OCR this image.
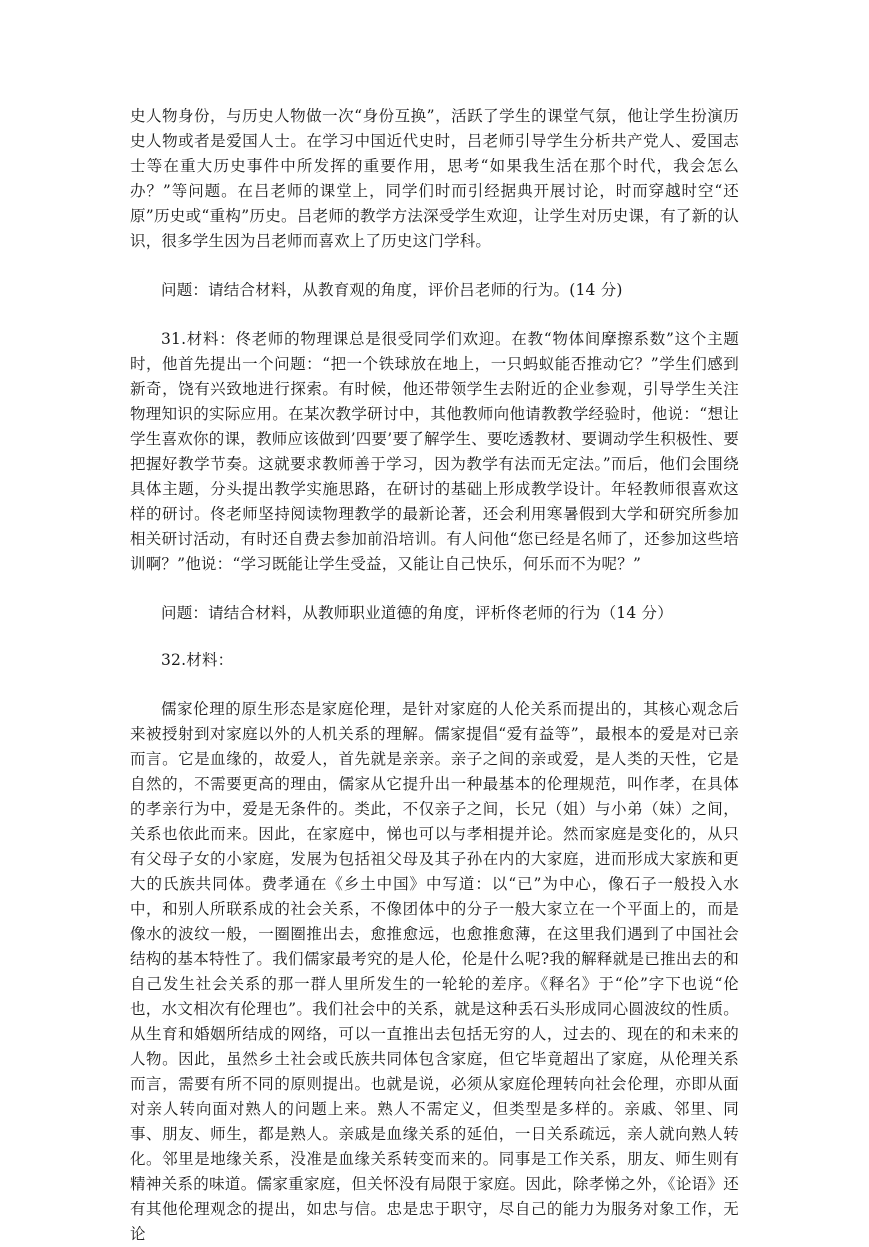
史人物身份，与历史人物做一次“身份互换”，活跃了学生的课堂气氛，他让学生扮演历史人物或者是爱国人士。在学习中国近代史时，吕老师引导学生分析共产党人、爱国志士等在重大历史事件中所发挥的重要作用，思考“如果我生活在那个时代，我会怎么办？”等问题。在吕老师的课堂上，同学们时而引经据典开展讨论，时而穿越时空“还原”历史或“重构”历史。吕老师的教学方法深受学生欢迎，让学生对历史课，有了新的认识，很多学生因为吕老师而喜欢上了历史这门学科。

问题：请结合材料，从教育观的角度，评价吕老师的行为。(14 分)

31.材料：佟老师的物理课总是很受同学们欢迎。在教“物体间摩擦系数”这个主题时，他首先提出一个问题：“把一个铁球放在地上，一只蚂蚁能否推动它？”学生们感到新奇，饶有兴致地进行探索。有时候，他还带领学生去附近的企业参观，引导学生关注物理知识的实际应用。在某次教学研讨中，其他教师向他请教教学经验时，他说：“想让学生喜欢你的课，教师应该做到’四要’要了解学生、要吃透教材、要调动学生积极性、要把握好教学节奏。这就要求教师善于学习，因为教学有法而无定法。”而后，他们会围绕具体主题，分头提出教学实施思路，在研讨的基础上形成教学设计。年轻教师很喜欢这样的研讨。佟老师坚持阅读物理教学的最新论著，还会利用寒暑假到大学和研究所参加相关研讨活动，有时还自费去参加前沿培训。有人问他“您已经是名师了，还参加这些培训啊？”他说：“学习既能让学生受益，又能让自己快乐，何乐而不为呢？”

问题：请结合材料，从教师职业道德的角度，评析佟老师的行为（14 分）

32.材料：

儒家伦理的原生形态是家庭伦理，是针对家庭的人伦关系而提出的，其核心观念后来被授射到对家庭以外的人机关系的理解。儒家提倡“爱有益等”，最根本的爱是对已亲而言。它是血缘的，故爱人，首先就是亲亲。亲子之间的亲或爱，是人类的天性，它是自然的，不需要更高的理由，儒家从它提升出一种最基本的伦理规范，叫作孝，在具体的孝亲行为中，爱是无条件的。类此，不仅亲子之间，长兄（姐）与小弟（妹）之间，关系也依此而来。因此，在家庭中，悌也可以与孝相提并论。然而家庭是变化的，从只有父母子女的小家庭，发展为包括祖父母及其子孙在内的大家庭，进而形成大家族和更大的氏族共同体。费孝通在《乡土中国》中写道：以“已”为中心，像石子一般投入水中，和别人所联系成的社会关系，不像团体中的分子一般大家立在一个平面上的，而是像水的波纹一般，一圈圈推出去，愈推愈远，也愈推愈薄，在这里我们遇到了中国社会结构的基本特性了。我们儒家最考究的是人伦，伦是什么呢?我的解释就是已推出去的和自己发生社会关系的那一群人里所发生的一轮轮的差序。《释名》于“伦”字下也说“伦也，水文相次有伦理也”。我们社会中的关系，就是这种丢石头形成同心圆波纹的性质。从生育和婚姻所结成的网络，可以一直推出去包括无穷的人，过去的、现在的和未来的人物。因此，虽然乡土社会或氏族共同体包含家庭，但它毕竟超出了家庭，从伦理关系而言，需要有所不同的原则提出。也就是说，必须从家庭伦理转向社会伦理，亦即从面对亲人转向面对熟人的问题上来。熟人不需定义，但类型是多样的。亲戚、邻里、同事、朋友、师生，都是熟人。亲戚是血缘关系的延伯，一日关系疏远，亲人就向熟人转化。邻里是地缘关系，没准是血缘关系转变而来的。同事是工作关系，朋友、师生则有精神关系的味道。儒家重家庭，但关怀没有局限于家庭。因此，除孝悌之外，《论语》还有其他伦理观念的提出，如忠与信。忠是忠于职守，尽自己的能力为服务对象工作，无论
